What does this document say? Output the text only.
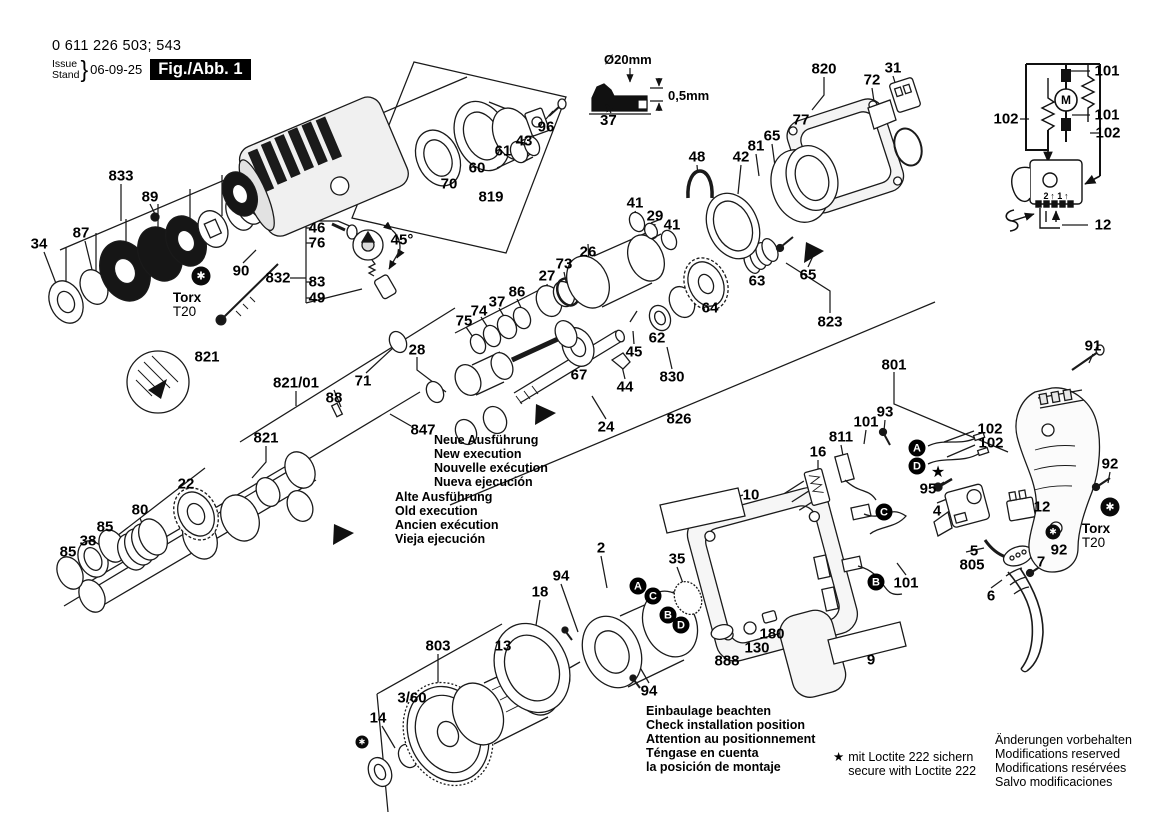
0 611 226 503; 543
Issue
Stand } 06-09-25 Fig./Abb. 1
Ø20mm
0,5mm
37
Neue Ausführung
New execution
Nouvelle exécution
Nueva ejecución
Alte Ausführung
Old execution
Ancien exécution
Vieja ejecución
Einbaulage beachten
Check installation position
Attention au positionnement
Téngase en cuenta
la posición de montaje
★ mit Loctite 222 sichern
secure with Loctite 222
Änderungen vorbehalten
Modifications reserved
Modifications resérvées
Salvo modificaciones
833
89
87
34
90 832
46
76
83
49
70
60
61
43
96
819
86
37
74
75
28
821/01
88
71
821
821
847
22
80
85
38
85
26
73
27
41
29
41
48 42
81
65
77
820
72
31
64
63
823
62
830
45
44
67
24	826
65
801
91
92
92
12
7
5
805
6
16
811
101
93
102
102
95
4
101
10
18
94
2
35
94
888
130
180
9
803	13
3/60
14
45°
101
102	101
102
12
M
2 ↑ 1 ↑
A
C
B
D
A
D
C
B
★
✱
✱
✱
✱
Torx
T20
Torx
T20
